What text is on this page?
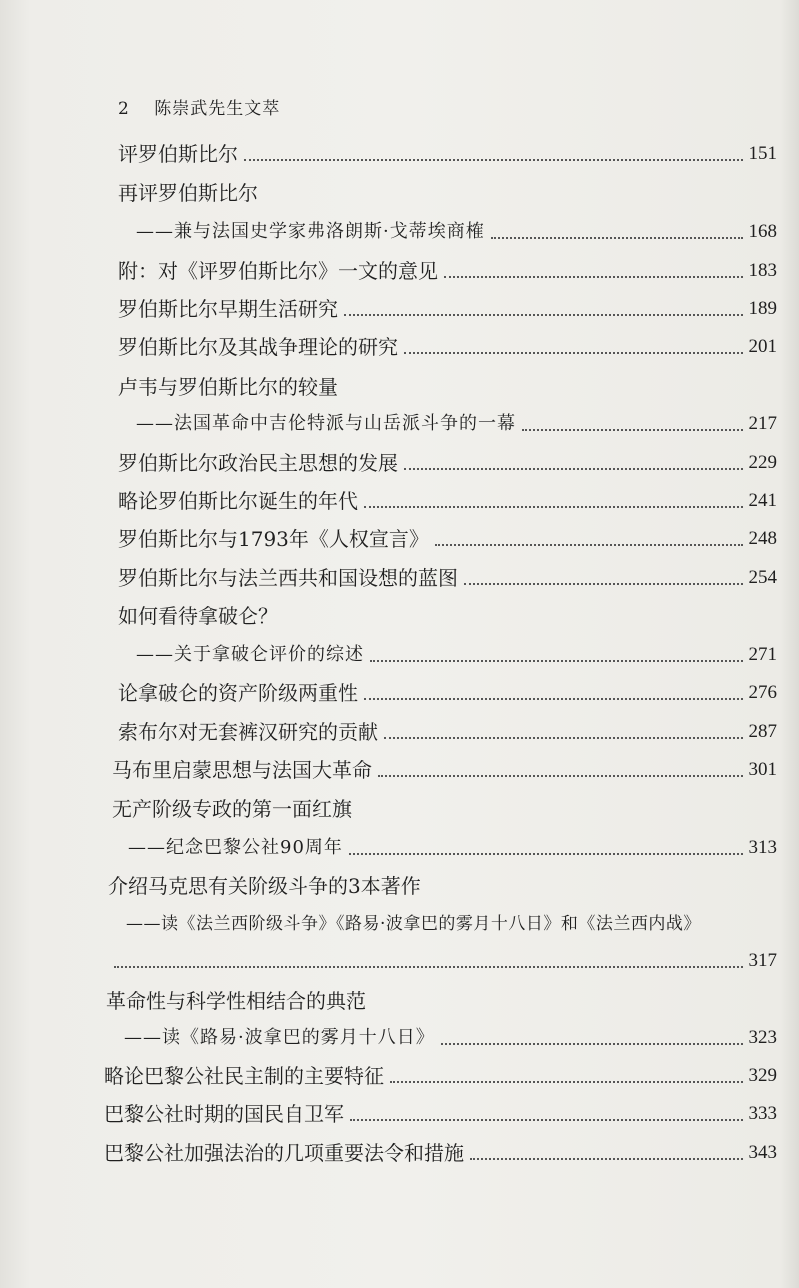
2 陈崇武先生文萃
评罗伯斯比尔	151
再评罗伯斯比尔
——兼与法国史学家弗洛朗斯·戈蒂埃商榷	168
附：对《评罗伯斯比尔》一文的意见	183
罗伯斯比尔早期生活研究	189
罗伯斯比尔及其战争理论的研究	201
卢韦与罗伯斯比尔的较量
——法国革命中吉伦特派与山岳派斗争的一幕	217
罗伯斯比尔政治民主思想的发展	229
略论罗伯斯比尔诞生的年代	241
罗伯斯比尔与1793年《人权宣言》	248
罗伯斯比尔与法兰西共和国设想的蓝图	254
如何看待拿破仑？
——关于拿破仑评价的综述	271
论拿破仑的资产阶级两重性	276
索布尔对无套裤汉研究的贡献	287
马布里启蒙思想与法国大革命	301
无产阶级专政的第一面红旗
——纪念巴黎公社90周年	313
介绍马克思有关阶级斗争的3本著作
——读《法兰西阶级斗争》《路易·波拿巴的雾月十八日》和《法兰西内战》
317
革命性与科学性相结合的典范
——读《路易·波拿巴的雾月十八日》	323
略论巴黎公社民主制的主要特征	329
巴黎公社时期的国民自卫军	333
巴黎公社加强法治的几项重要法令和措施	343
